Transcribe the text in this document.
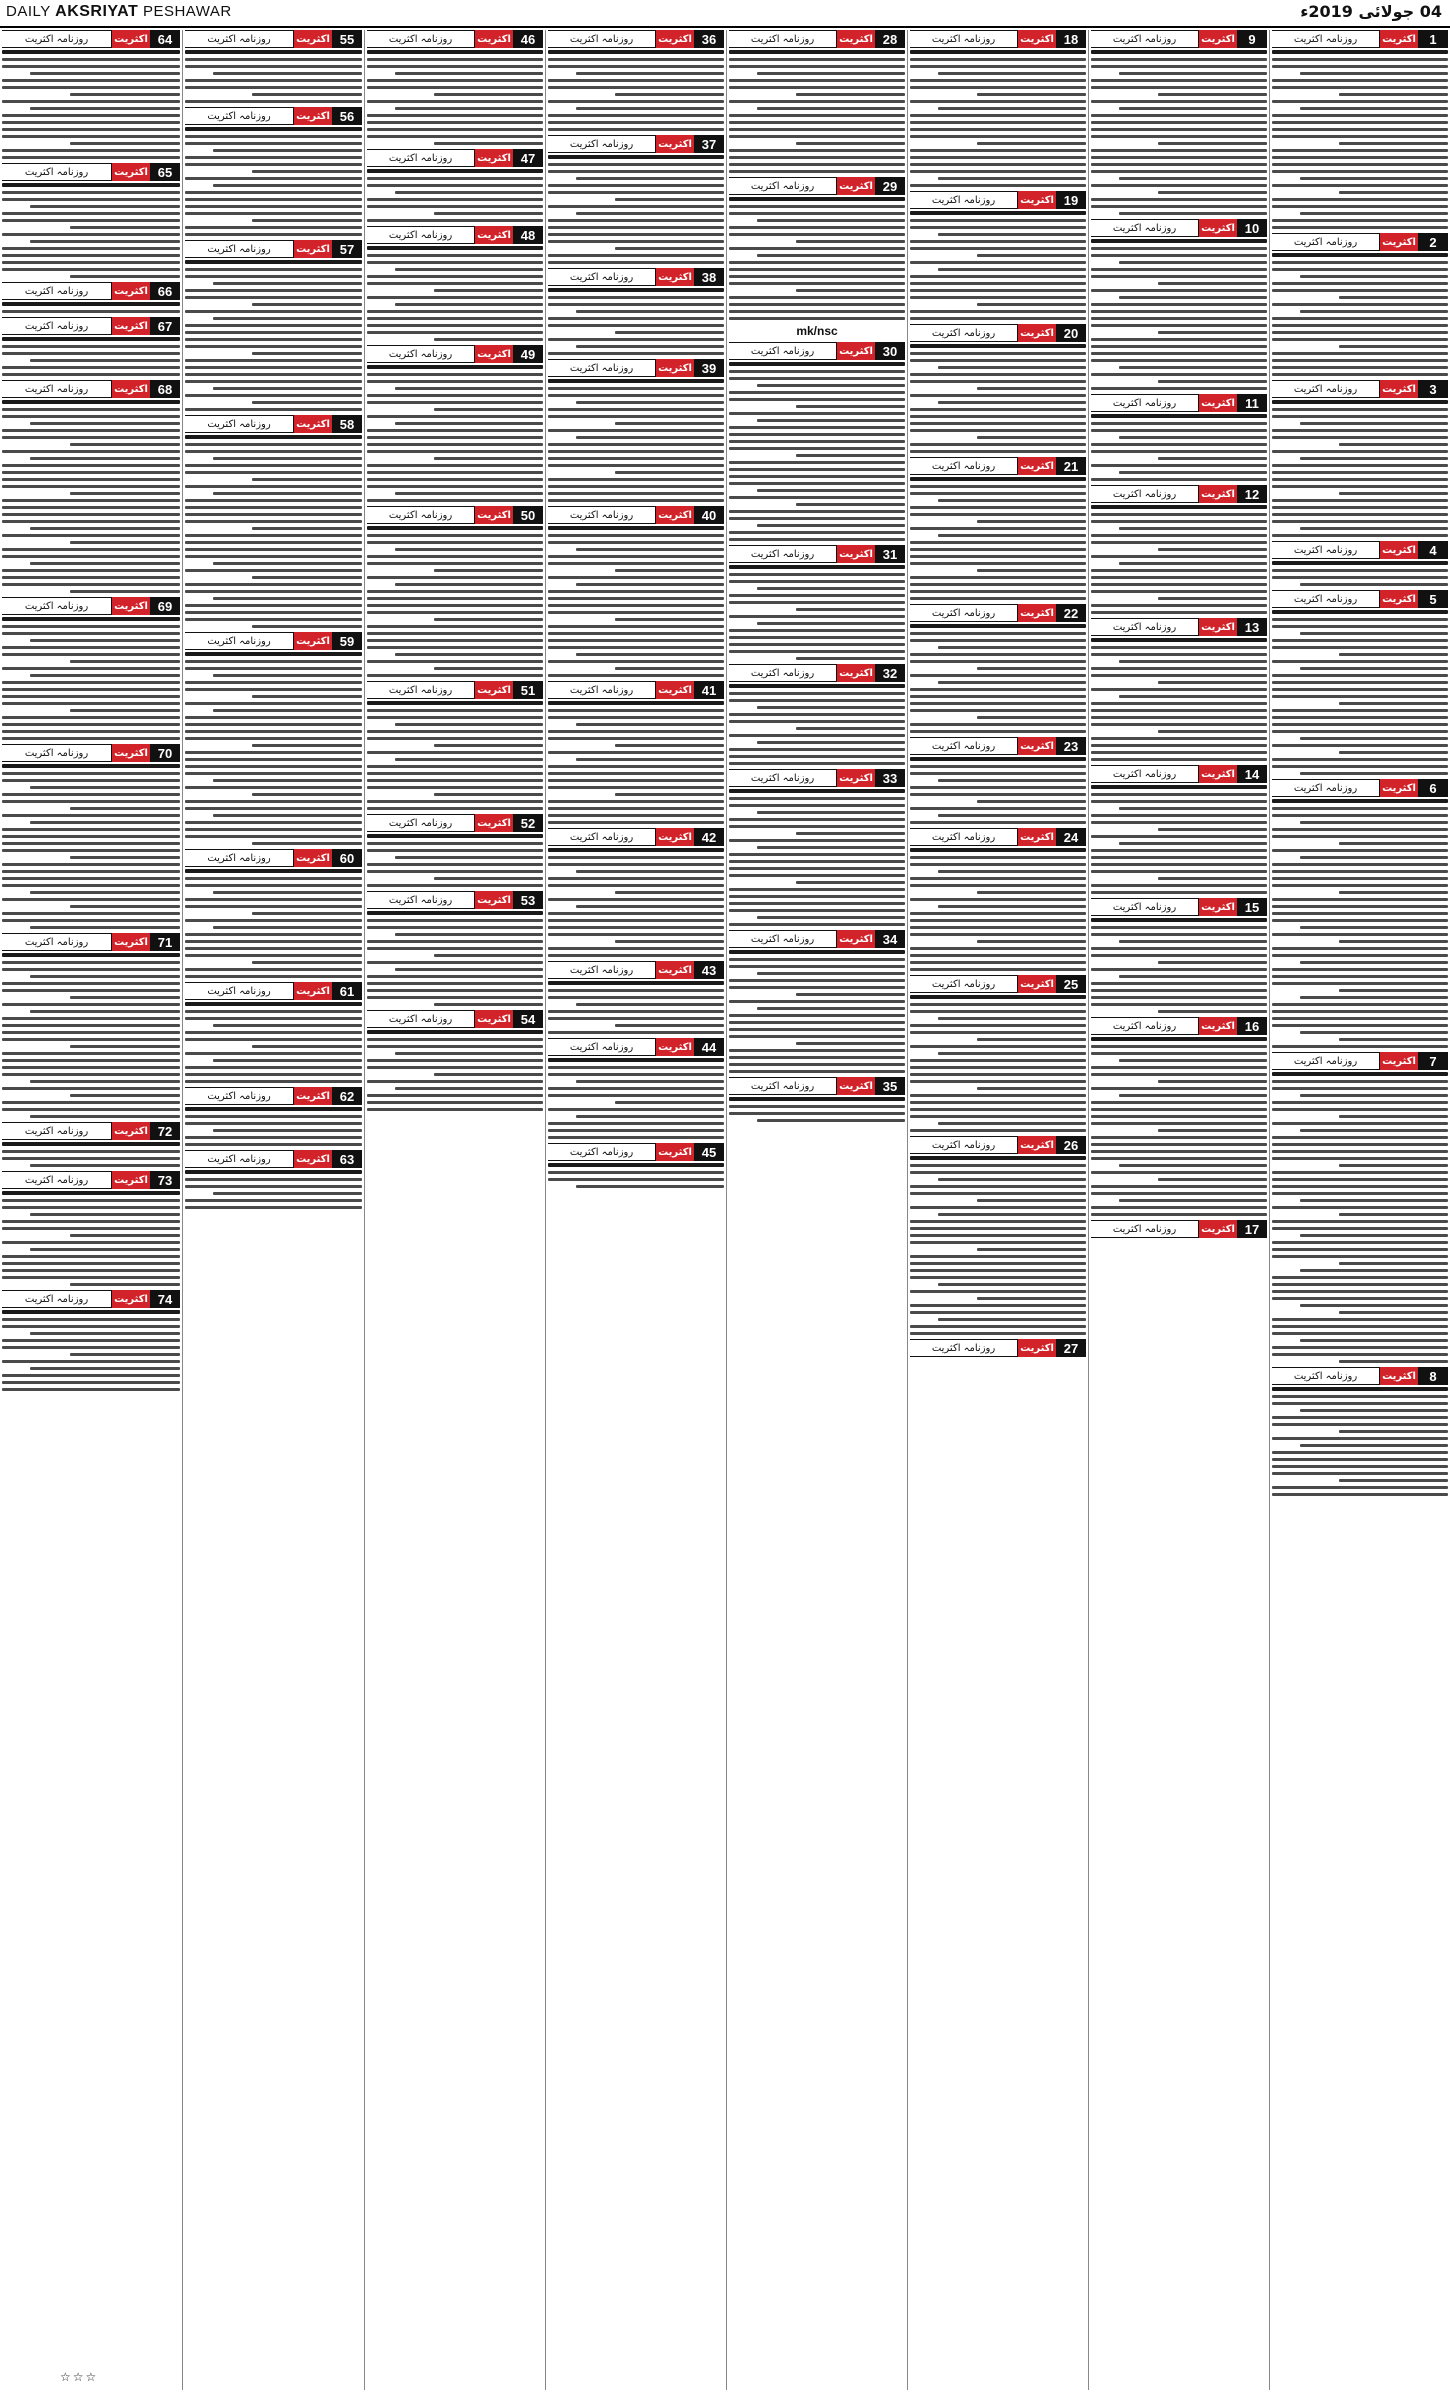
DAILY AKSRIYAT PESHAWAR	04 جولائی 2019ء
1
اکثریت
روزنامہ اکثریت
2
اکثریت
روزنامہ اکثریت
3
اکثریت
روزنامہ اکثریت
4
اکثریت
روزنامہ اکثریت
5
اکثریت
روزنامہ اکثریت
6
اکثریت
روزنامہ اکثریت
7
اکثریت
روزنامہ اکثریت
8
اکثریت
روزنامہ اکثریت
9
اکثریت
روزنامہ اکثریت
10
اکثریت
روزنامہ اکثریت
11
اکثریت
روزنامہ اکثریت
12
اکثریت
روزنامہ اکثریت
13
اکثریت
روزنامہ اکثریت
14
اکثریت
روزنامہ اکثریت
15
اکثریت
روزنامہ اکثریت
16
اکثریت
روزنامہ اکثریت
17
اکثریت
روزنامہ اکثریت
18
اکثریت
روزنامہ اکثریت
19
اکثریت
روزنامہ اکثریت
20
اکثریت
روزنامہ اکثریت
21
اکثریت
روزنامہ اکثریت
22
اکثریت
روزنامہ اکثریت
23
اکثریت
روزنامہ اکثریت
24
اکثریت
روزنامہ اکثریت
25
اکثریت
روزنامہ اکثریت
26
اکثریت
روزنامہ اکثریت
27
اکثریت
روزنامہ اکثریت
28
اکثریت
روزنامہ اکثریت
29
اکثریت
روزنامہ اکثریت
mk/nsc
30
اکثریت
روزنامہ اکثریت
31
اکثریت
روزنامہ اکثریت
32
اکثریت
روزنامہ اکثریت
33
اکثریت
روزنامہ اکثریت
34
اکثریت
روزنامہ اکثریت
35
اکثریت
روزنامہ اکثریت
36
اکثریت
روزنامہ اکثریت
37
اکثریت
روزنامہ اکثریت
38
اکثریت
روزنامہ اکثریت
39
اکثریت
روزنامہ اکثریت
40
اکثریت
روزنامہ اکثریت
41
اکثریت
روزنامہ اکثریت
42
اکثریت
روزنامہ اکثریت
43
اکثریت
روزنامہ اکثریت
44
اکثریت
روزنامہ اکثریت
45
اکثریت
روزنامہ اکثریت
46
اکثریت
روزنامہ اکثریت
47
اکثریت
روزنامہ اکثریت
48
اکثریت
روزنامہ اکثریت
49
اکثریت
روزنامہ اکثریت
50
اکثریت
روزنامہ اکثریت
51
اکثریت
روزنامہ اکثریت
52
اکثریت
روزنامہ اکثریت
53
اکثریت
روزنامہ اکثریت
54
اکثریت
روزنامہ اکثریت
55
اکثریت
روزنامہ اکثریت
56
اکثریت
روزنامہ اکثریت
57
اکثریت
روزنامہ اکثریت
58
اکثریت
روزنامہ اکثریت
59
اکثریت
روزنامہ اکثریت
60
اکثریت
روزنامہ اکثریت
61
اکثریت
روزنامہ اکثریت
62
اکثریت
روزنامہ اکثریت
63
اکثریت
روزنامہ اکثریت
64
اکثریت
روزنامہ اکثریت
65
اکثریت
روزنامہ اکثریت
66
اکثریت
روزنامہ اکثریت
67
اکثریت
روزنامہ اکثریت
68
اکثریت
روزنامہ اکثریت
69
اکثریت
روزنامہ اکثریت
70
اکثریت
روزنامہ اکثریت
71
اکثریت
روزنامہ اکثریت
72
اکثریت
روزنامہ اکثریت
73
اکثریت
روزنامہ اکثریت
74
اکثریت
روزنامہ اکثریت
☆☆☆
